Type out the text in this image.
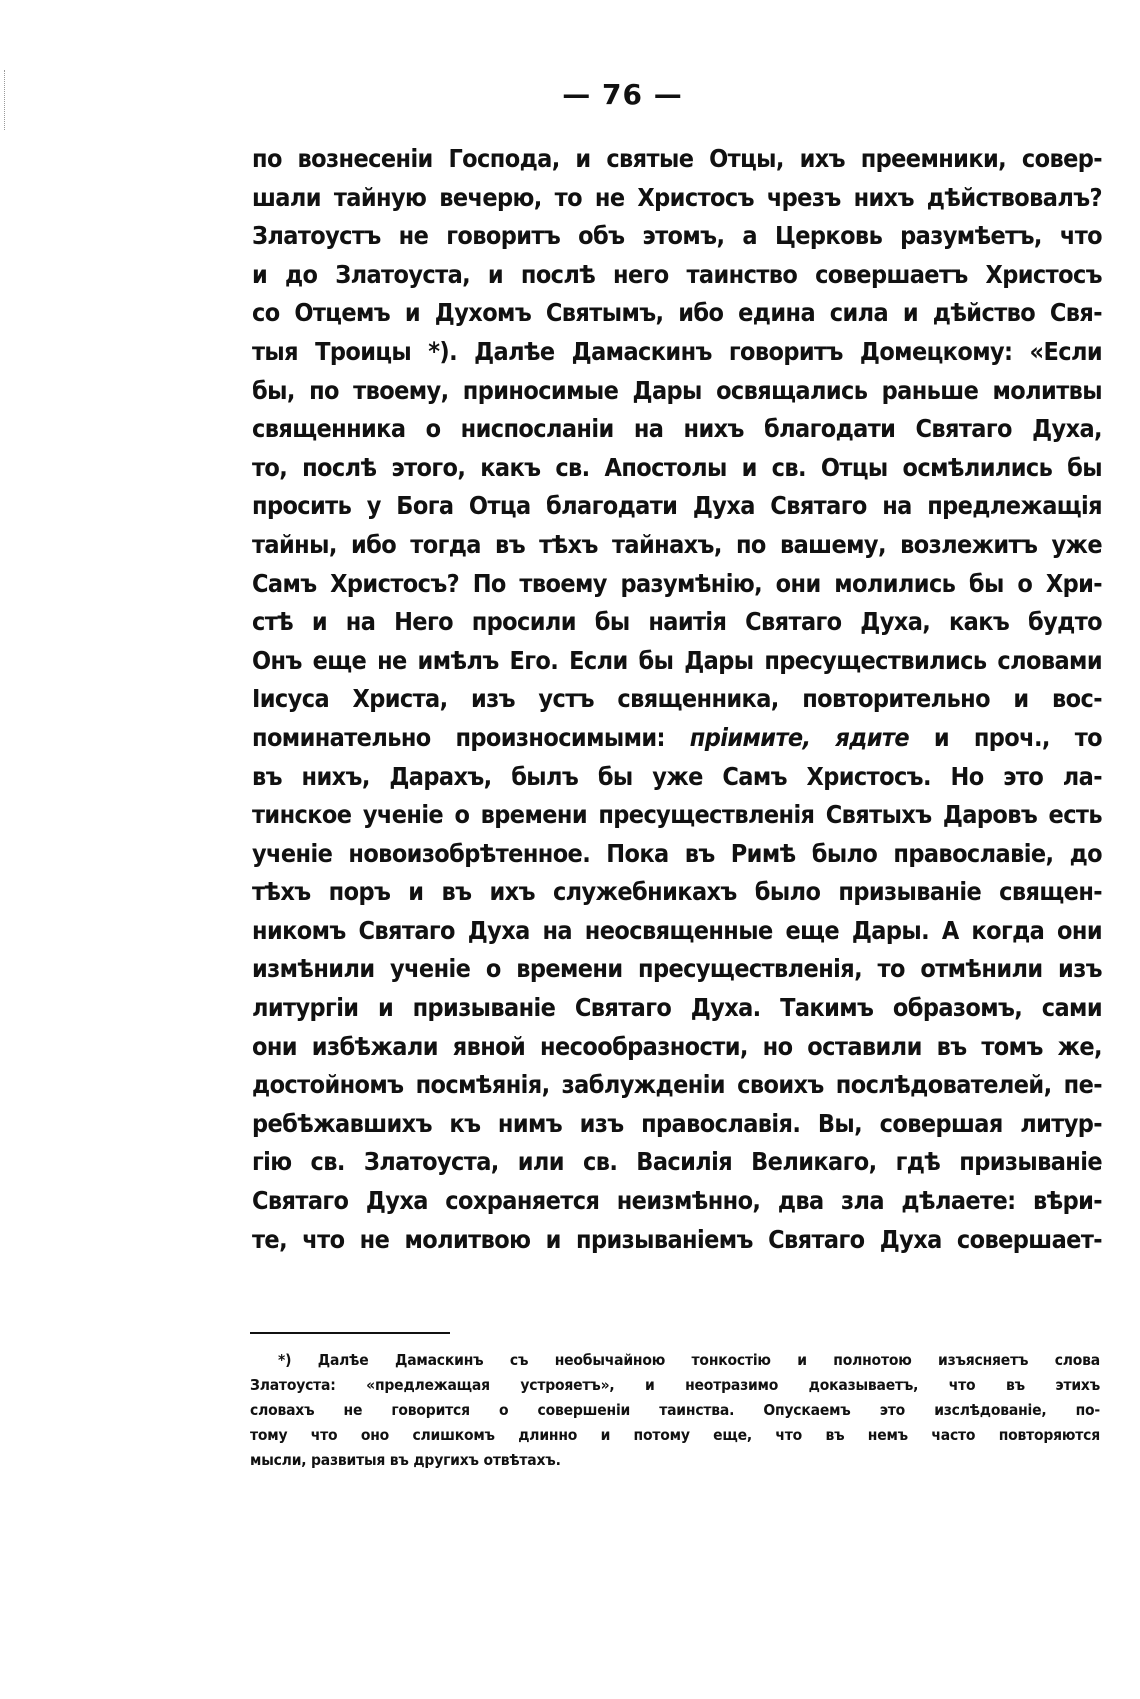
— 76 —
по вознесенiи Господа, и святые Отцы, ихъ преемники, совер-
шали тайную вечерю, то не Христосъ чрезъ нихъ дѣйствовалъ?
Златоустъ не говоритъ объ этомъ, а Церковь разумѣетъ, что
и до Златоуста, и послѣ него таинство совершаетъ Христосъ
со Отцемъ и Духомъ Святымъ, ибо едина сила и дѣйство Свя-
тыя Троицы *). Далѣе Дамаскинъ говоритъ Домецкому: «Если
бы, по твоему, приносимые Дары освящались раньше молитвы
священника о ниспосланiи на нихъ благодати Святаго Духа,
то, послѣ этого, какъ св. Апостолы и св. Отцы осмѣлились бы
просить у Бога Отца благодати Духа Святаго на предлежащiя
тайны, ибо тогда въ тѣхъ тайнахъ, по вашему, возлежитъ уже
Самъ Христосъ? По твоему разумѣнiю, они молились бы о Хри-
стѣ и на Него просили бы наитiя Святаго Духа, какъ будто
Онъ еще не имѣлъ Его. Если бы Дары пресуществились словами
Iисуса Христа, изъ устъ священника, повторительно и вос-
поминательно произносимыми: прiимите, ядите и проч., то
въ нихъ, Дарахъ, былъ бы уже Самъ Христосъ. Но это ла-
тинское ученiе о времени пресуществленiя Святыхъ Даровъ есть
ученiе новоизобрѣтенное. Пока въ Римѣ было православiе, до
тѣхъ поръ и въ ихъ служебникахъ было призыванiе священ-
никомъ Святаго Духа на неосвященные еще Дары. А когда они
измѣнили ученiе о времени пресуществленiя, то отмѣнили изъ
литургiи и призыванiе Святаго Духа. Такимъ образомъ, сами
они избѣжали явной несообразности, но оставили въ томъ же,
достойномъ посмѣянiя, заблужденiи своихъ послѣдователей, пе-
ребѣжавшихъ къ нимъ изъ православiя. Вы, совершая литур-
гiю св. Златоуста, или св. Василiя Великаго, гдѣ призыванiе
Святаго Духа сохраняется неизмѣнно, два зла дѣлаете: вѣри-
те, что не молитвою и призыванiемъ Святаго Духа совершает-
*) Далѣе Дамаскинъ съ необычайною тонкостiю и полнотою изъясняетъ слова
Златоуста: «предлежащая устрояетъ», и неотразимо доказываетъ, что въ этихъ
словахъ не говорится о совершенiи таинства. Опускаемъ это изслѣдованiе, по-
тому что оно слишкомъ длинно и потому еще, что въ немъ часто повторяются
мысли, развитыя въ другихъ отвѣтахъ.
